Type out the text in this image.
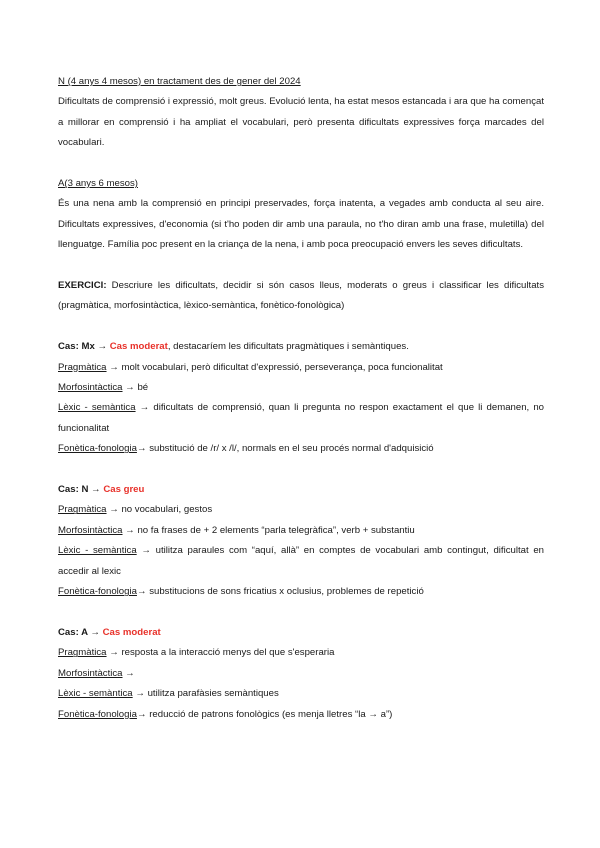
N (4 anys 4 mesos) en tractament des de gener del 2024
Dificultats de comprensió i expressió, molt greus. Evolució lenta, ha estat mesos estancada i ara que ha començat a millorar en comprensió i ha ampliat el vocabulari, però presenta dificultats expressives força marcades del vocabulari.
A(3 anys 6 mesos)
És una nena amb la comprensió en principi preservades, força inatenta, a vegades amb conducta al seu aire. Dificultats expressives, d'economia (si t'ho poden dir amb una paraula, no t'ho diran amb una frase, muletilla) del llenguatge. Família poc present en la criança de la nena, i amb poca preocupació envers les seves dificultats.
EXERCICI: Descriure les dificultats, decidir si són casos lleus, moderats o greus i classificar les dificultats (pragmàtica, morfosintàctica, lèxico-semàntica, fonètico-fonològica)
Cas: Mx → Cas moderat, destacaríem les dificultats pragmàtiques i semàntiques.
Pragmàtica → molt vocabulari, però dificultat d'expressió, perseverança, poca funcionalitat
Morfosintàctica → bé
Lèxic - semàntica → dificultats de comprensió, quan li pregunta no respon exactament el que li demanen, no funcionalitat
Fonètica-fonologia→ substitució de /r/ x /l/, normals en el seu procés normal d'adquisició
Cas: N → Cas greu
Pragmàtica → no vocabulari, gestos
Morfosintàctica → no fa frases de + 2 elements “parla telegràfica”, verb + substantiu
Lèxic - semàntica → utilitza paraules com “aquí, allà” en comptes de vocabulari amb contingut, dificultat en accedir al lexic
Fonètica-fonologia→ substitucions de sons fricatius x oclusius, problemes de repetició
Cas: A → Cas moderat
Pragmàtica → resposta a la interacció menys del que s'esperaria
Morfosintàctica →
Lèxic - semàntica → utilitza parafàsies semàntiques
Fonètica-fonologia→ reducció de patrons fonològics (es menja lletres “la → a”)
